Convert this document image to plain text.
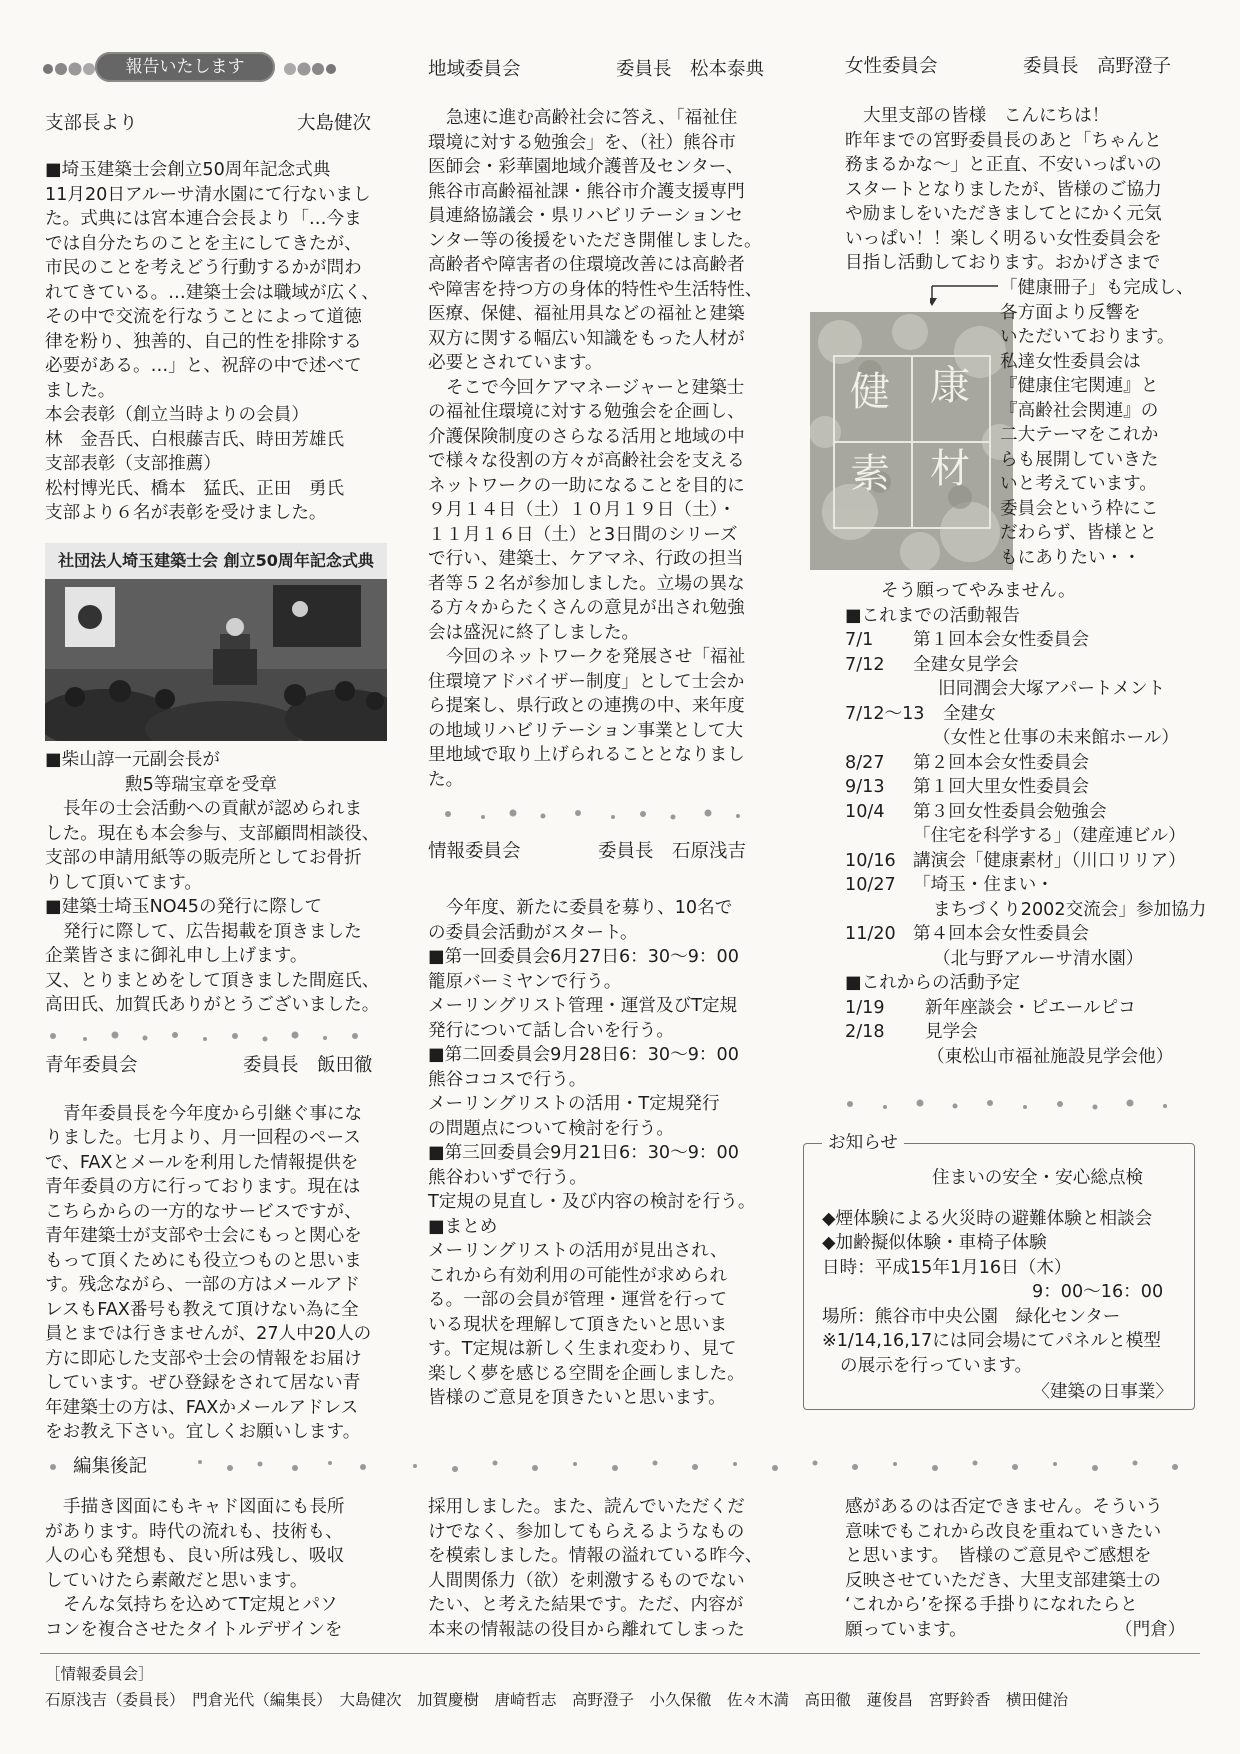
報告いたします
支部長より	大島健次

■埼玉建築士会創立50周年記念式典

11月20日アルーサ清水園にて行ないまし

た。式典には宮本連合会長より「…今ま

では自分たちのことを主にしてきたが、

市民のことを考えどう行動するかが問わ

れてきている。…建築士会は職域が広く、

その中で交流を行なうことによって道徳

律を粉り、独善的、自己的性を排除する

必要がある。…」と、祝辞の中で述べて

ました。

本会表彰（創立当時よりの会員）

林　金吾氏、白根藤吉氏、時田芳雄氏

支部表彰（支部推薦）

松村博光氏、橋本　猛氏、正田　勇氏

支部より６名が表彰を受けました。

社団法人埼玉建築士会 創立50周年記念式典

■柴山諄一元副会長が

勲5等瑞宝章を受章

長年の士会活動への貢献が認められま

した。現在も本会参与、支部顧問相談役、

支部の申請用紙等の販売所としてお骨折

りして頂いてます。

■建築士埼玉NO45の発行に際して

発行に際して、広告掲載を頂きました

企業皆さまに御礼申し上げます。

又、とりまとめをして頂きました間庭氏、

高田氏、加賀氏ありがとうございました。

青年委員会	委員長　飯田徹

青年委員長を今年度から引継ぐ事にな

りました。七月より、月一回程のペース

で、FAXとメールを利用した情報提供を

青年委員の方に行っております。現在は

こちらからの一方的なサービスですが、

青年建築士が支部や士会にもっと関心を

もって頂くためにも役立つものと思いま

す。残念ながら、一部の方はメールアド

レスもFAX番号も教えて頂けない為に全

員とまでは行きませんが、27人中20人の

方に即応した支部や士会の情報をお届け

しています。ぜひ登録をされて居ない青

年建築士の方は、FAXかメールアドレス

をお教え下さい。宜しくお願いします。

地域委員会	委員長　松本泰典

急速に進む高齢社会に答え、「福祉住

環境に対する勉強会」を、（社）熊谷市

医師会・彩華園地域介護普及センター、

熊谷市高齢福祉課・熊谷市介護支援専門

員連絡協議会・県リハビリテーションセ

ンター等の後援をいただき開催しました。

高齢者や障害者の住環境改善には高齢者

や障害を持つ方の身体的特性や生活特性、

医療、保健、福祉用具などの福祉と建築

双方に関する幅広い知識をもった人材が

必要とされています。

そこで今回ケアマネージャーと建築士

の福祉住環境に対する勉強会を企画し、

介護保険制度のさらなる活用と地域の中

で様々な役割の方々が高齢社会を支える

ネットワークの一助になることを目的に

９月１４日（土）１０月１９日（土）・

１１月１６日（土）と3日間のシリーズ

で行い、建築士、ケアマネ、行政の担当

者等５２名が参加しました。立場の異な

る方々からたくさんの意見が出され勉強

会は盛況に終了しました。

今回のネットワークを発展させ「福祉

住環境アドバイザー制度」として士会か

ら提案し、県行政との連携の中、来年度

の地域リハビリテーション事業として大

里地域で取り上げられることとなりまし

た。

情報委員会	委員長　石原浅吉

今年度、新たに委員を募り、10名で

の委員会活動がスタート。

■第一回委員会6月27日6：30～9：00

籠原バーミヤンで行う。

メーリングリスト管理・運営及びT定規

発行について話し合いを行う。

■第二回委員会9月28日6：30～9：00

熊谷ココスで行う。

メーリングリストの活用・T定規発行

の問題点について検討を行う。

■第三回委員会9月21日6：30～9：00

熊谷わいずで行う。

T定規の見直し・及び内容の検討を行う。

■まとめ

メーリングリストの活用が見出され、

これから有効利用の可能性が求められ

る。一部の会員が管理・運営を行って

いる現状を理解して頂きたいと思いま

す。T定規は新しく生まれ変わり、見て

楽しく夢を感じる空間を企画しました。

皆様のご意見を頂きたいと思います。

女性委員会	委員長　高野澄子

大里支部の皆様　こんにちは！

昨年までの宮野委員長のあと「ちゃんと

務まるかな～」と正直、不安いっぱいの

スタートとなりましたが、皆様のご協力

や励ましをいただきましてとにかく元気

いっぱい！！楽しく明るい女性委員会を

目指し活動しております。おかげさまで

健 康
素 材

「健康冊子」も完成し、

各方面より反響を

いただいております。

私達女性委員会は

『健康住宅関連』と

『高齢社会関連』の

二大テーマをこれか

らも展開していきた

いと考えています。

委員会という枠にこ

だわらず、皆様とと

もにありたい・・

そう願ってやみません。

■これまでの活動報告

7/1 第１回本会女性委員会
7/12 全建女見学会
旧同潤会大塚アパートメント
7/12～13 全建女
（女性と仕事の未来館ホール）
8/27 第２回本会女性委員会
9/13 第１回大里女性委員会
10/4 第３回女性委員会勉強会
「住宅を科学する」（建産連ビル）
10/16 講演会「健康素材」（川口リリア）
10/27 「埼玉・住まい・
まちづくり2002交流会」参加協力
11/20 第４回本会女性委員会
（北与野アルーサ清水園）

■これからの活動予定

1/19 新年座談会・ピエールピコ
2/18 見学会
（東松山市福祉施設見学会他）
お知らせ

住まいの安全・安心総点検

◆煙体験による火災時の避難体験と相談会

◆加齢擬似体験・車椅子体験

日時：平成15年1月16日（木）

9：00～16：00

場所：熊谷市中央公園　緑化センター

※1/14,16,17には同会場にてパネルと模型

の展示を行っています。

〈建築の日事業〉

編集後記

手描き図面にもキャド図面にも長所

があります。時代の流れも、技術も、

人の心も発想も、良い所は残し、吸収

していけたら素敵だと思います。

そんな気持ちを込めてT定規とパソ

コンを複合させたタイトルデザインを

採用しました。また、読んでいただくだ

けでなく、参加してもらえるようなもの

を模索しました。情報の溢れている昨今、

人間関係力（欲）を刺激するものでない

たい、と考えた結果です。ただ、内容が

本来の情報誌の役目から離れてしまった

感があるのは否定できません。そういう

意味でもこれから改良を重ねていきたい

と思います。　皆様のご意見やご感想を

反映させていただき、大里支部建築士の

‘これから’を探る手掛りになれたらと

願っています。	（門倉）

［情報委員会］

石原浅吉（委員長）　門倉光代（編集長）　大島健次　加賀慶樹　唐崎哲志　高野澄子　小久保徹　佐々木満　高田徹　蓮俊昌　宮野鈴香　横田健治
